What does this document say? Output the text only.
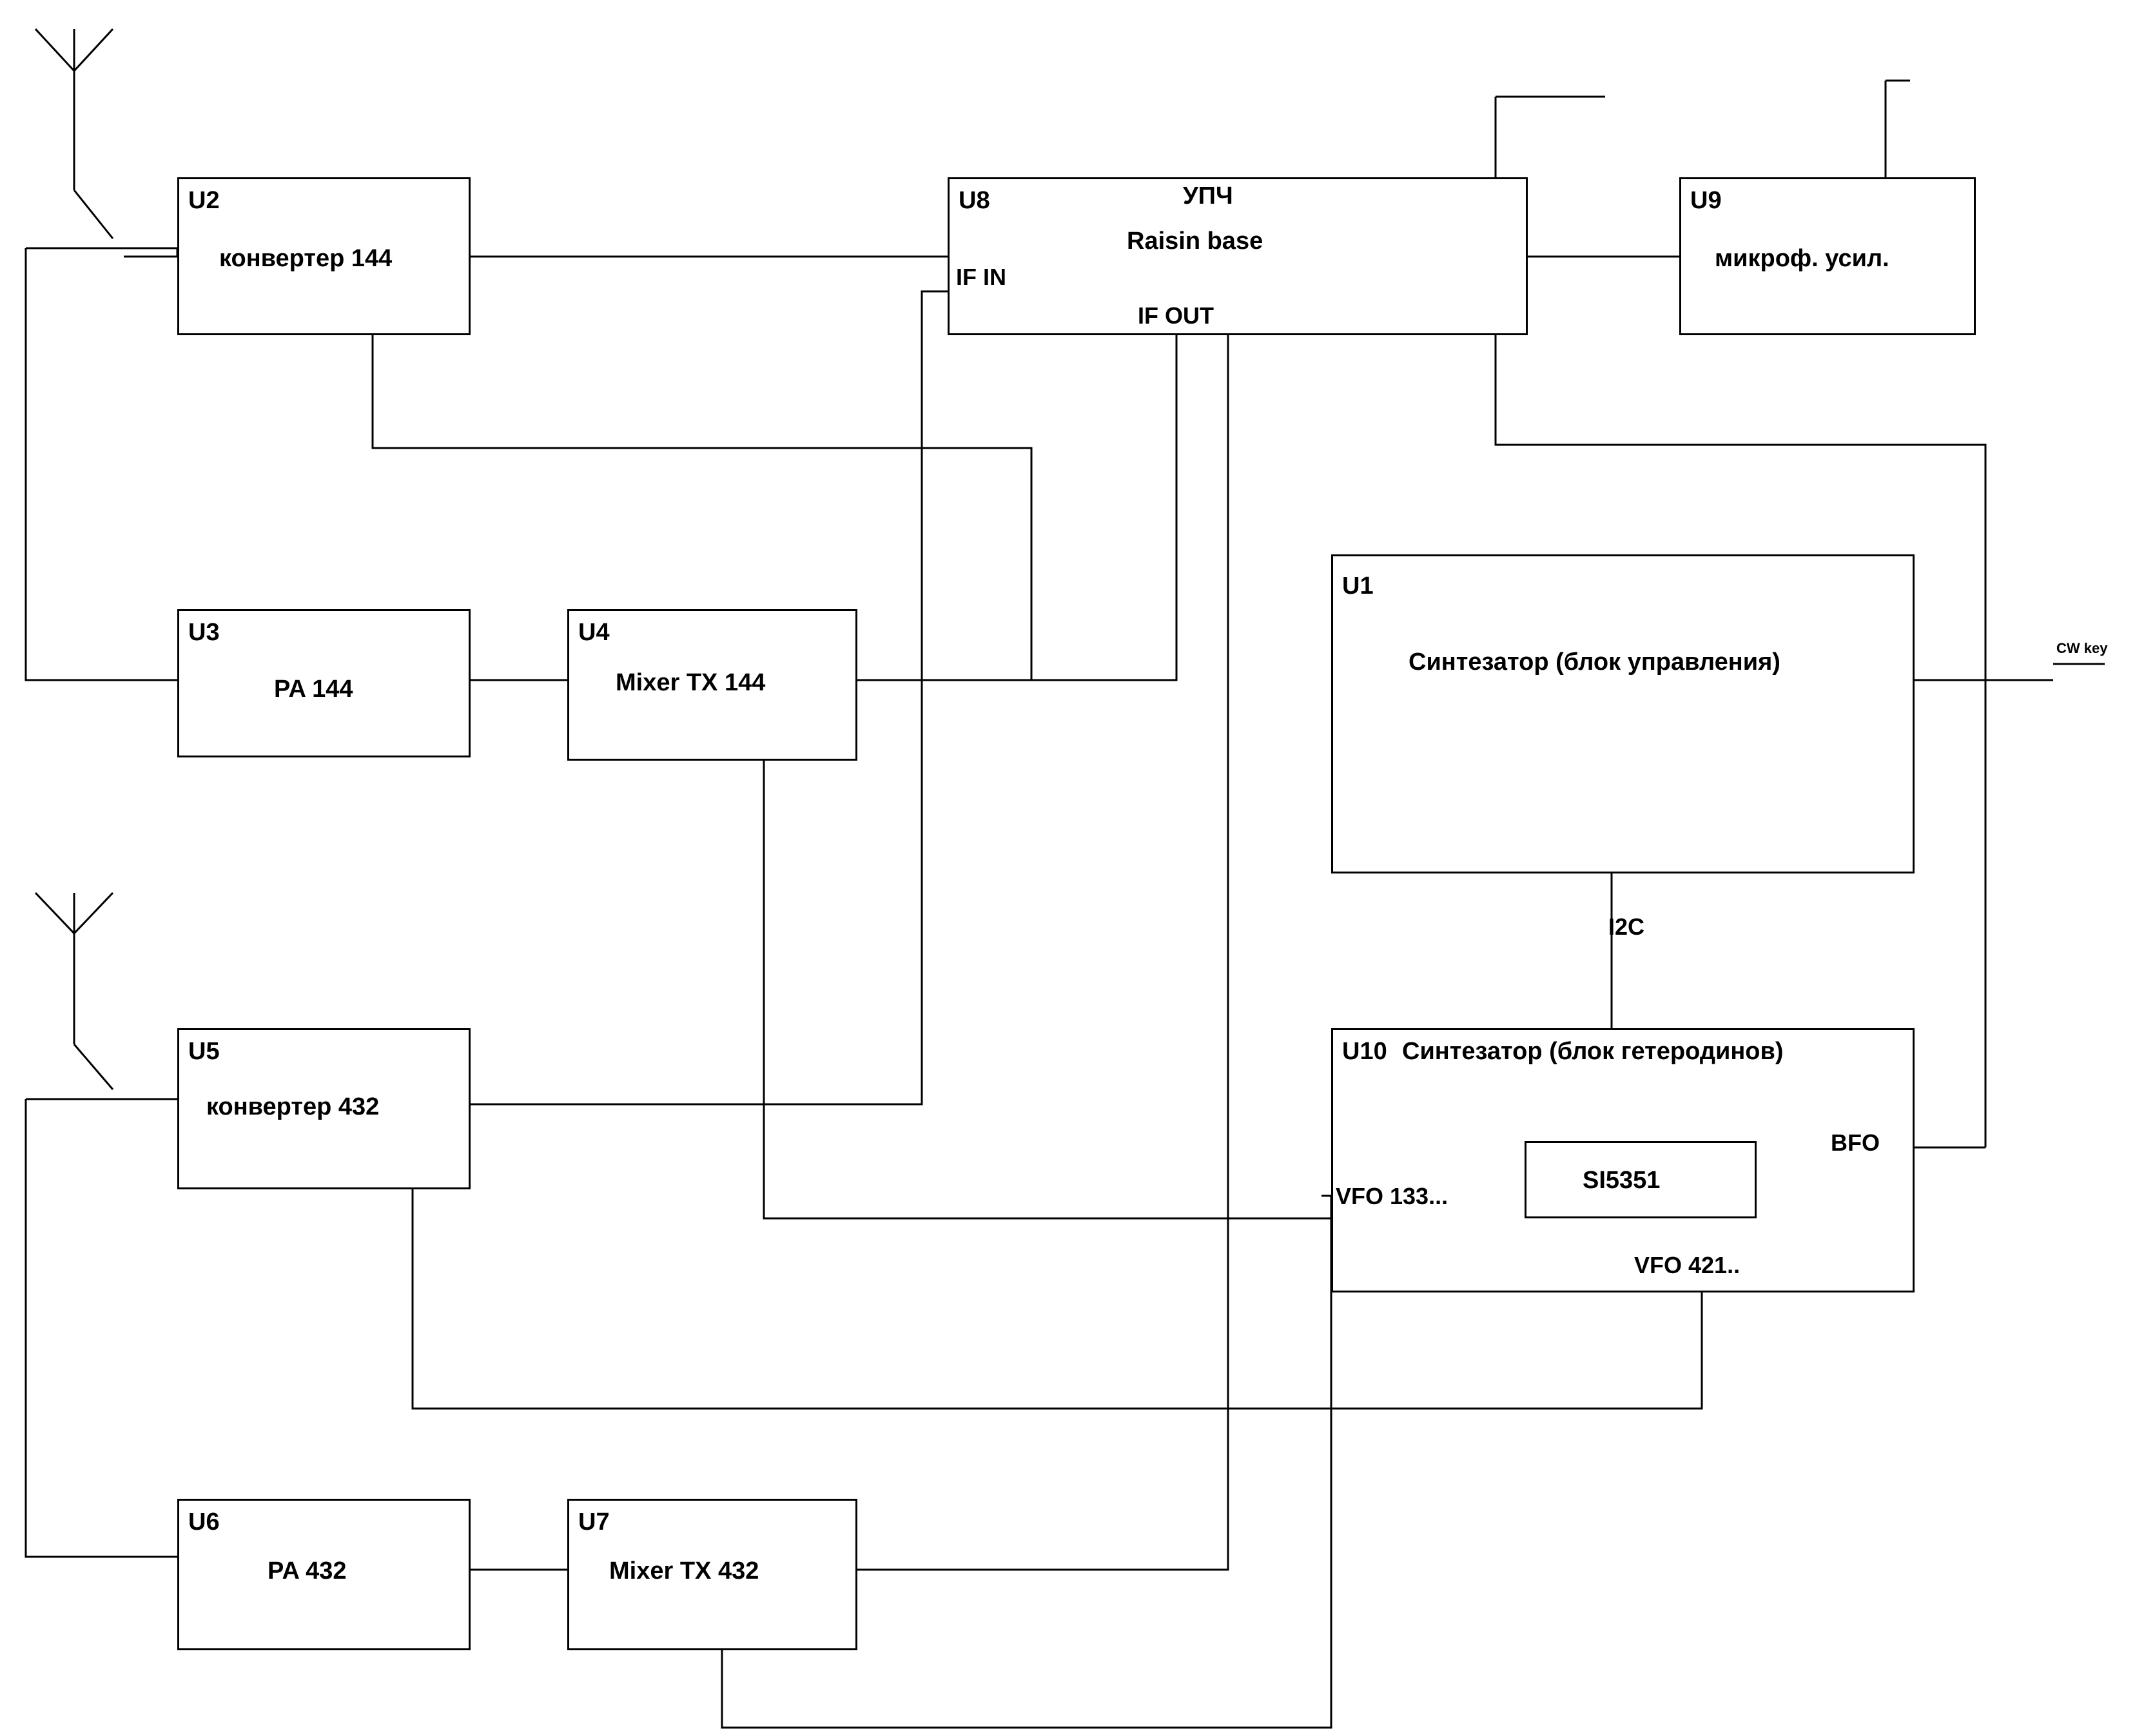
U2
конвертер 144
U3
PA 144
U4
Mixer TX 144
U5
конвертер 432
U6
PA 432
U7
Mixer TX 432
U8	УПЧ
Raisin base
IF IN
IF OUT
U9
микроф. усил.
U1
Синтезатор (блок управления)
U10 Синтезатор (блок гетеродинов)
SI5351
VFO 133...
VFO 421..
BFO
I2C
CW key
